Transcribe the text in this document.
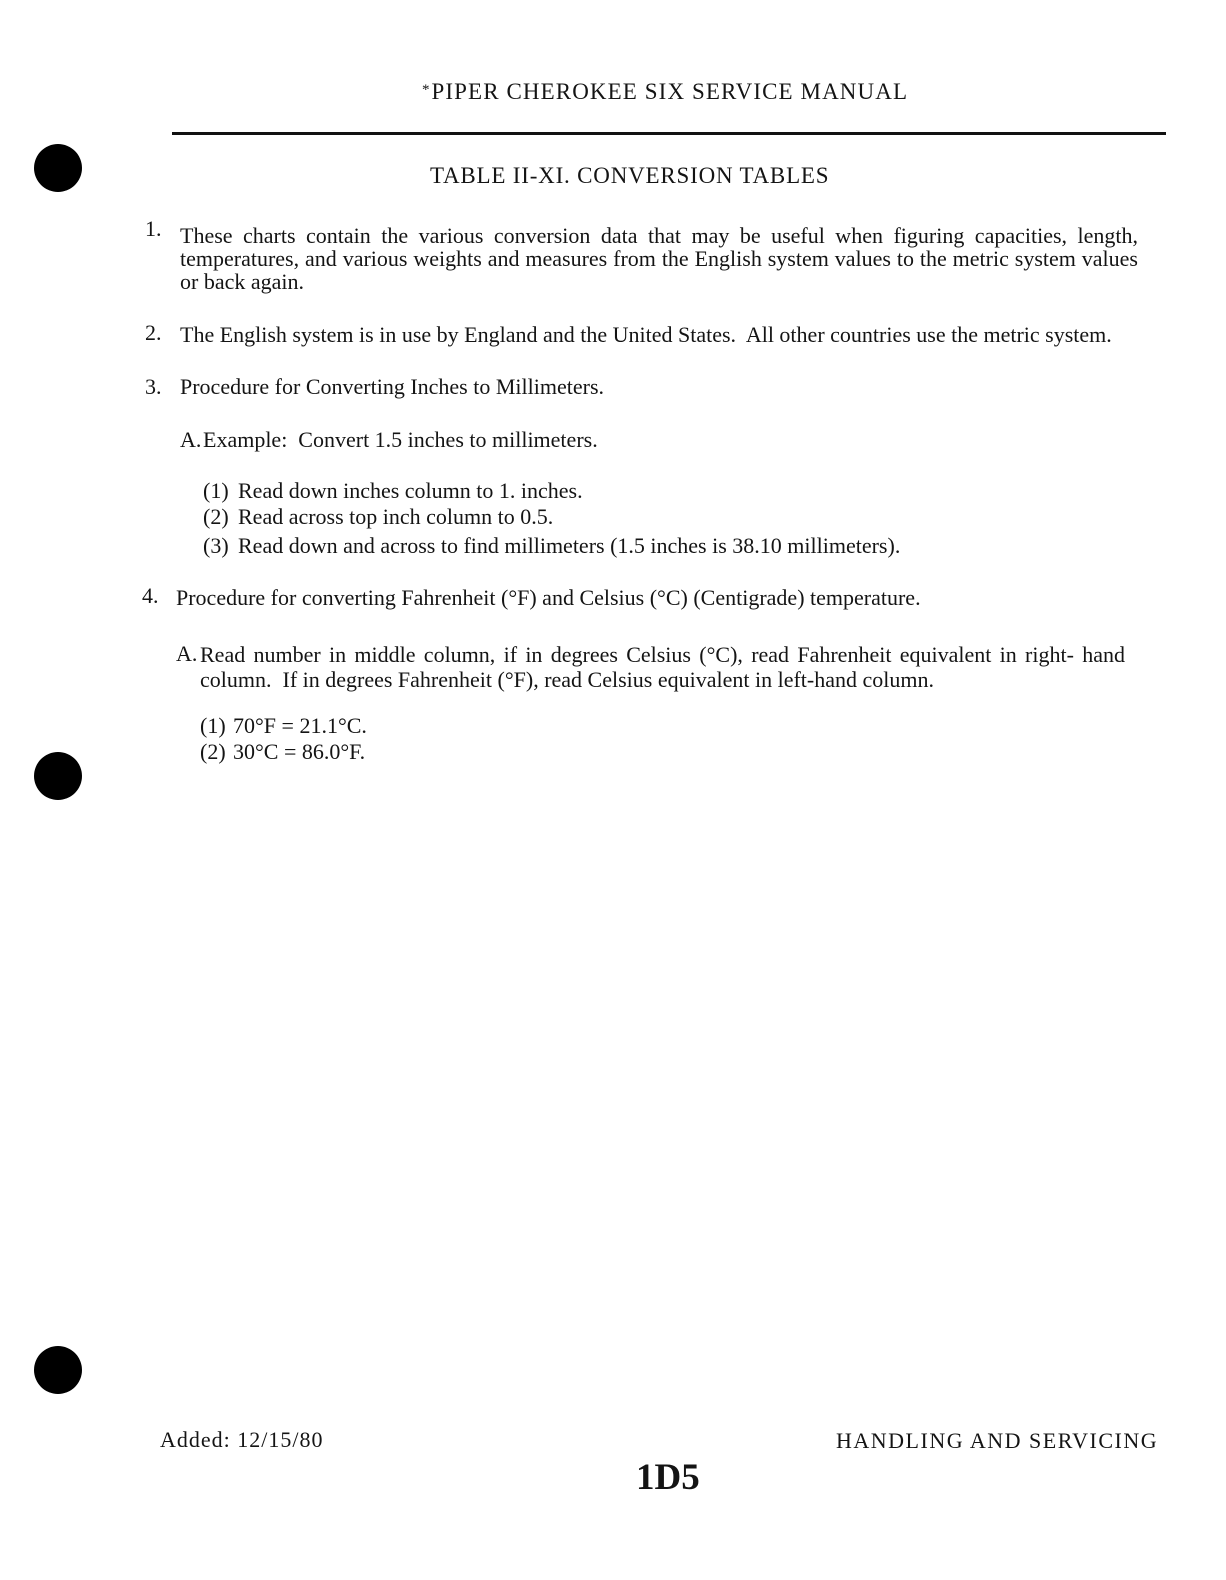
*PIPER CHEROKEE SIX SERVICE MANUAL
TABLE II-XI. CONVERSION TABLES
1. These charts contain the various conversion data that may be useful when figuring capacities, length,
temperatures, and various weights and measures from the English system values to the metric system values
or back again.
2. The English system is in use by England and the United States.  All other countries use the metric system.
3. Procedure for Converting Inches to Millimeters.
A. Example:  Convert 1.5 inches to millimeters.
(1) Read down inches column to 1. inches.
(2) Read across top inch column to 0.5.
(3) Read down and across to find millimeters (1.5 inches is 38.10 millimeters).
4. Procedure for converting Fahrenheit (°F) and Celsius (°C) (Centigrade) temperature.
A. Read number in middle column, if in degrees Celsius (°C), read Fahrenheit equivalent in right- hand
column.  If in degrees Fahrenheit (°F), read Celsius equivalent in left-hand column.
(1) 70°F = 21.1°C.
(2) 30°C = 86.0°F.
Added: 12/15/80	HANDLING AND SERVICING
1D5
